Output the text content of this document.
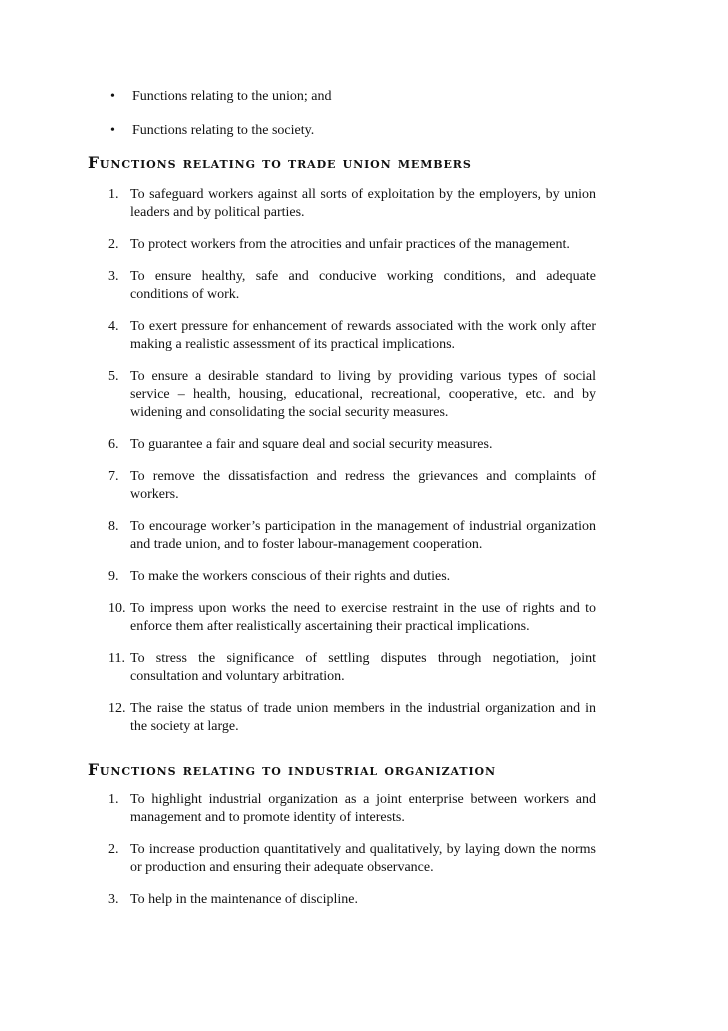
• Functions relating to the union; and
• Functions relating to the society.
Functions relating to trade union members
1. To safeguard workers against all sorts of exploitation by the employers, by union leaders and by political parties.
2. To protect workers from the atrocities and unfair practices of the management.
3. To ensure healthy, safe and conducive working conditions, and adequate conditions of work.
4. To exert pressure for enhancement of rewards associated with the work only after making a realistic assessment of its practical implications.
5. To ensure a desirable standard to living by providing various types of social service – health, housing, educational, recreational, cooperative, etc. and by widening and consolidating the social security measures.
6. To guarantee a fair and square deal and social security measures.
7. To remove the dissatisfaction and redress the grievances and complaints of workers.
8. To encourage worker’s participation in the management of industrial organization and trade union, and to foster labour-management cooperation.
9. To make the workers conscious of their rights and duties.
10. To impress upon works the need to exercise restraint in the use of rights and to enforce them after realistically ascertaining their practical implications.
11. To stress the significance of settling disputes through negotiation, joint consultation and voluntary arbitration.
12. The raise the status of trade union members in the industrial organization and in the society at large.
Functions relating to industrial organization
1. To highlight industrial organization as a joint enterprise between workers and management and to promote identity of interests.
2. To increase production quantitatively and qualitatively, by laying down the norms or production and ensuring their adequate observance.
3. To help in the maintenance of discipline.
